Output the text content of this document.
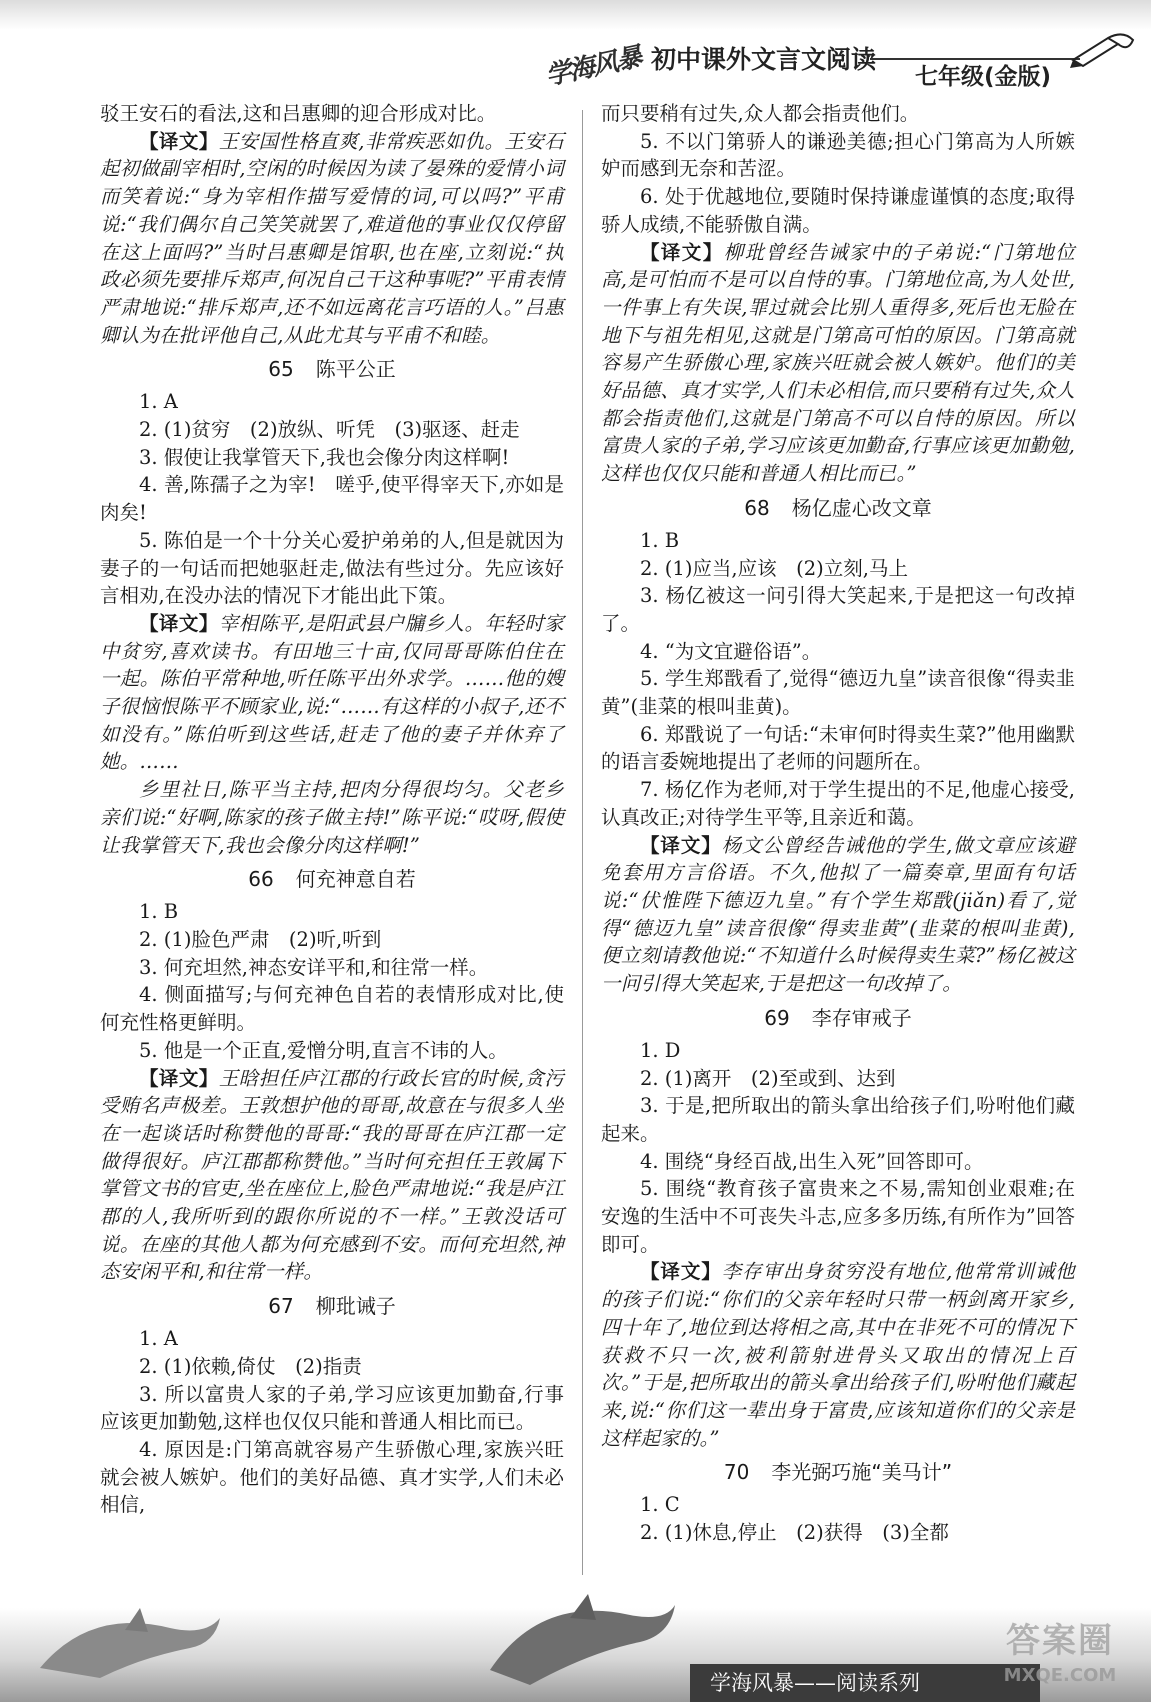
学海风暴 初中课外文言文阅读
七年级(金版)

驳王安石的看法,这和吕惠卿的迎合形成对比。

【译文】王安国性格直爽,非常疾恶如仇。王安石起初做副宰相时,空闲的时候因为读了晏殊的爱情小词而笑着说:“身为宰相作描写爱情的词,可以吗?”平甫说:“我们偶尔自己笑笑就罢了,难道他的事业仅仅停留在这上面吗?”当时吕惠卿是馆职,也在座,立刻说:“执政必须先要排斥郑声,何况自己干这种事呢?”平甫表情严肃地说:“排斥郑声,还不如远离花言巧语的人。”吕惠卿认为在批评他自己,从此尤其与平甫不和睦。

65 陈平公正

1. A

2. (1)贫穷　(2)放纵、听凭　(3)驱逐、赶走

3. 假使让我掌管天下,我也会像分肉这样啊!

4. 善,陈孺子之为宰!　嗟乎,使平得宰天下,亦如是肉矣!

5. 陈伯是一个十分关心爱护弟弟的人,但是就因为妻子的一句话而把她驱赶走,做法有些过分。先应该好言相劝,在没办法的情况下才能出此下策。

【译文】宰相陈平,是阳武县户牖乡人。年轻时家中贫穷,喜欢读书。有田地三十亩,仅同哥哥陈伯住在一起。陈伯平常种地,听任陈平出外求学。……他的嫂子很恼恨陈平不顾家业,说:“……有这样的小叔子,还不如没有。”陈伯听到这些话,赶走了他的妻子并休弃了她。……

乡里社日,陈平当主持,把肉分得很均匀。父老乡亲们说:“好啊,陈家的孩子做主持!”陈平说:“哎呀,假使让我掌管天下,我也会像分肉这样啊!”

66 何充神意自若

1. B

2. (1)脸色严肃　(2)听,听到

3. 何充坦然,神态安详平和,和往常一样。

4. 侧面描写;与何充神色自若的表情形成对比,使何充性格更鲜明。

5. 他是一个正直,爱憎分明,直言不讳的人。

【译文】王晗担任庐江郡的行政长官的时候,贪污受贿名声极差。王敦想护他的哥哥,故意在与很多人坐在一起谈话时称赞他的哥哥:“我的哥哥在庐江郡一定做得很好。庐江郡都称赞他。”当时何充担任王敦属下掌管文书的官吏,坐在座位上,脸色严肃地说:“我是庐江郡的人,我所听到的跟你所说的不一样。”王敦没话可说。在座的其他人都为何充感到不安。而何充坦然,神态安闲平和,和往常一样。

67 柳玭诫子

1. A

2. (1)依赖,倚仗　(2)指责

3. 所以富贵人家的子弟,学习应该更加勤奋,行事应该更加勤勉,这样也仅仅只能和普通人相比而已。

4. 原因是:门第高就容易产生骄傲心理,家族兴旺就会被人嫉妒。他们的美好品德、真才实学,人们未必相信,

而只要稍有过失,众人都会指责他们。

5. 不以门第骄人的谦逊美德;担心门第高为人所嫉妒而感到无奈和苦涩。

6. 处于优越地位,要随时保持谦虚谨慎的态度;取得骄人成绩,不能骄傲自满。

【译文】柳玭曾经告诫家中的子弟说:“门第地位高,是可怕而不是可以自恃的事。门第地位高,为人处世,一件事上有失误,罪过就会比别人重得多,死后也无脸在地下与祖先相见,这就是门第高可怕的原因。门第高就容易产生骄傲心理,家族兴旺就会被人嫉妒。他们的美好品德、真才实学,人们未必相信,而只要稍有过失,众人都会指责他们,这就是门第高不可以自恃的原因。所以富贵人家的子弟,学习应该更加勤奋,行事应该更加勤勉,这样也仅仅只能和普通人相比而已。”

68 杨亿虚心改文章

1. B

2. (1)应当,应该　(2)立刻,马上

3. 杨亿被这一问引得大笑起来,于是把这一句改掉了。

4. “为文宜避俗语”。

5. 学生郑戬看了,觉得“德迈九皇”读音很像“得卖韭黄”(韭菜的根叫韭黄)。

6. 郑戬说了一句话:“未审何时得卖生菜?”他用幽默的语言委婉地提出了老师的问题所在。

7. 杨亿作为老师,对于学生提出的不足,他虚心接受,认真改正;对待学生平等,且亲近和蔼。

【译文】杨文公曾经告诫他的学生,做文章应该避免套用方言俗语。不久,他拟了一篇奏章,里面有句话说:“伏惟陛下德迈九皇。”有个学生郑戬(jiǎn)看了,觉得“德迈九皇”读音很像“得卖韭黄”(韭菜的根叫韭黄),便立刻请教他说:“不知道什么时候得卖生菜?”杨亿被这一问引得大笑起来,于是把这一句改掉了。

69 李存审戒子

1. D

2. (1)离开　(2)至或到、达到

3. 于是,把所取出的箭头拿出给孩子们,吩咐他们藏起来。

4. 围绕“身经百战,出生入死”回答即可。

5. 围绕“教育孩子富贵来之不易,需知创业艰难;在安逸的生活中不可丧失斗志,应多多历练,有所作为”回答即可。

【译文】李存审出身贫穷没有地位,他常常训诫他的孩子们说:“你们的父亲年轻时只带一柄剑离开家乡,四十年了,地位到达将相之高,其中在非死不可的情况下获救不只一次,被利箭射进骨头又取出的情况上百次。”于是,把所取出的箭头拿出给孩子们,吩咐他们藏起来,说:“你们这一辈出身于富贵,应该知道你们的父亲是这样起家的。”

70 李光弼巧施“美马计”

1. C

2. (1)休息,停止　(2)获得　(3)全都

学海风暴——阅读系列
答案圈
MXQE.COM
